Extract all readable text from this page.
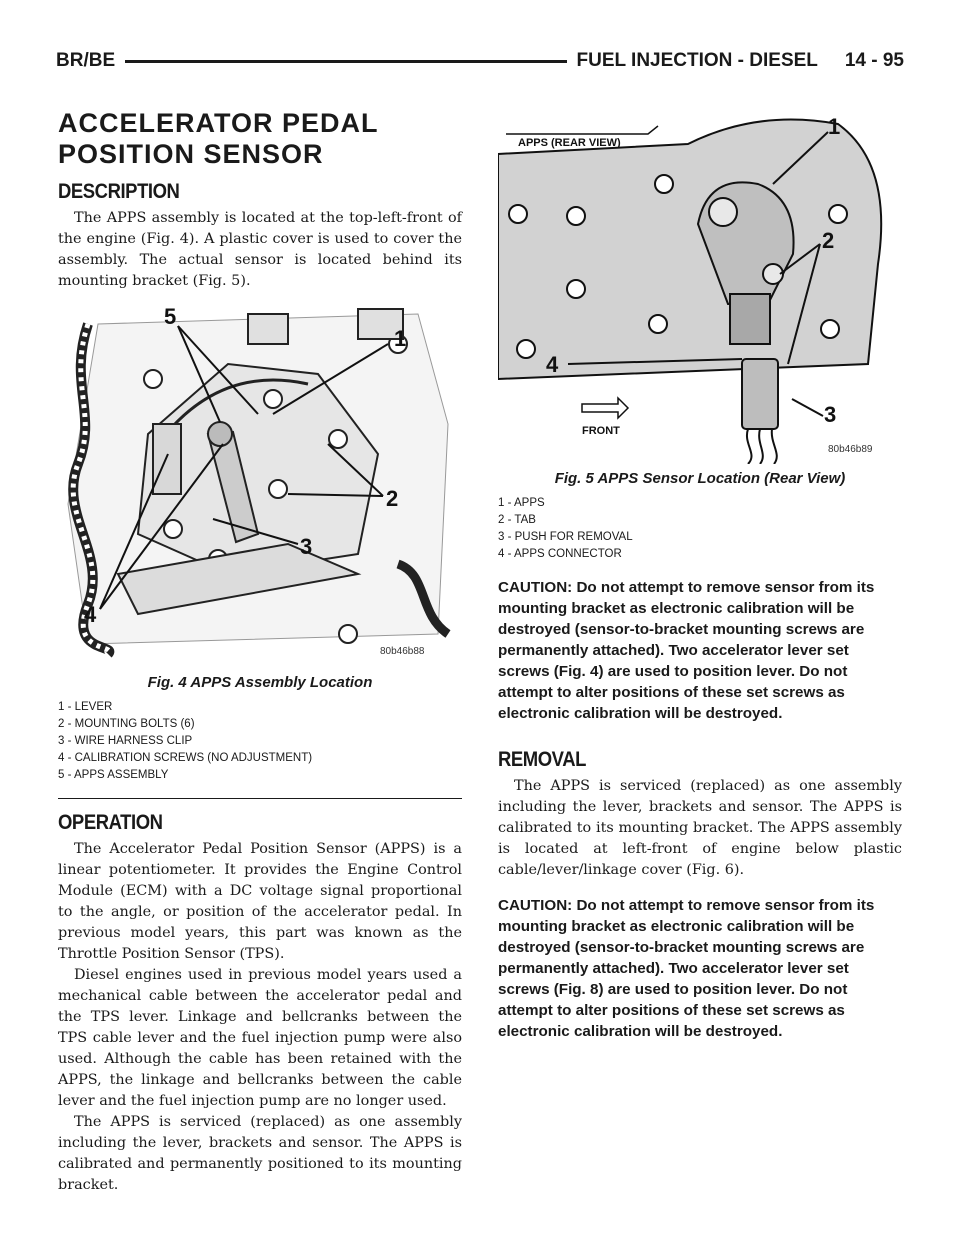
BR/BE	FUEL INJECTION - DIESEL 14 - 95
ACCELERATOR PEDAL
POSITION SENSOR
DESCRIPTION

The APPS assembly is located at the top-left-front of the engine (Fig. 4). A plastic cover is used to cover the assembly. The actual sensor is located behind its mounting bracket (Fig. 5).

5
1
2
3
4
80b46b88
Fig. 4 APPS Assembly Location
1 - LEVER
2 - MOUNTING BOLTS (6)
3 - WIRE HARNESS CLIP
4 - CALIBRATION SCREWS (NO ADJUSTMENT)
5 - APPS ASSEMBLY
OPERATION

The Accelerator Pedal Position Sensor (APPS) is a linear potentiometer. It provides the Engine Control Module (ECM) with a DC voltage signal proportional to the angle, or position of the accelerator pedal. In previous model years, this part was known as the Throttle Position Sensor (TPS).

Diesel engines used in previous model years used a mechanical cable between the accelerator pedal and the TPS lever. Linkage and bellcranks between the TPS cable lever and the fuel injection pump were also used. Although the cable has been retained with the APPS, the linkage and bellcranks between the cable lever and the fuel injection pump are no longer used.

The APPS is serviced (replaced) as one assembly including the lever, brackets and sensor. The APPS is calibrated and permanently positioned to its mounting bracket.

APPS (REAR VIEW)
FRONT
1
2
3
4
80b46b89
Fig. 5 APPS Sensor Location (Rear View)
1 - APPS
2 - TAB
3 - PUSH FOR REMOVAL
4 - APPS CONNECTOR

CAUTION: Do not attempt to remove sensor from its mounting bracket as electronic calibration will be destroyed (sensor-to-bracket mounting screws are permanently attached). Two accelerator lever set screws (Fig. 4) are used to position lever. Do not attempt to alter positions of these set screws as electronic calibration will be destroyed.

REMOVAL

The APPS is serviced (replaced) as one assembly including the lever, brackets and sensor. The APPS is calibrated to its mounting bracket. The APPS assembly is located at left-front of engine below plastic cable/lever/linkage cover (Fig. 6).

CAUTION: Do not attempt to remove sensor from its mounting bracket as electronic calibration will be destroyed (sensor-to-bracket mounting screws are permanently attached). Two accelerator lever set screws (Fig. 8) are used to position lever. Do not attempt to alter positions of these set screws as electronic calibration will be destroyed.
